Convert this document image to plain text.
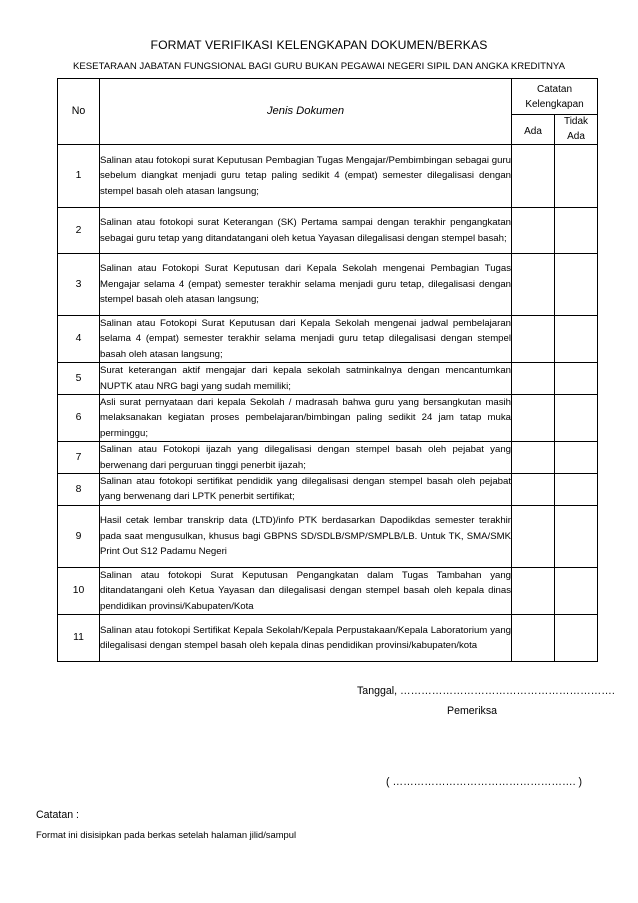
FORMAT VERIFIKASI KELENGKAPAN DOKUMEN/BERKAS
KESETARAAN JABATAN FUNGSIONAL BAGI GURU BUKAN PEGAWAI NEGERI SIPIL DAN ANGKA KREDITNYA
No	Jenis Dokumen	Catatan
Kelengkapan	

		Ada	Tidak
Ada

1	Salinan atau fotokopi surat Keputusan Pembagian Tugas Mengajar/Pembimbingan sebagai guru sebelum diangkat menjadi guru tetap paling sedikit 4 (empat) semester dilegalisasi dengan stempel basah oleh atasan langsung;		
2	Salinan atau fotokopi surat Keterangan (SK) Pertama sampai dengan terakhir pengangkatan sebagai guru tetap yang ditandatangani oleh ketua Yayasan dilegalisasi dengan stempel basah;		
3	Salinan atau Fotokopi Surat Keputusan dari Kepala Sekolah mengenai Pembagian Tugas Mengajar selama 4 (empat) semester terakhir selama menjadi guru tetap, dilegalisasi dengan stempel basah oleh atasan langsung;		
4	Salinan atau Fotokopi Surat Keputusan dari Kepala Sekolah mengenai jadwal pembelajaran selama 4 (empat) semester terakhir selama menjadi guru tetap dilegalisasi dengan stempel basah oleh atasan langsung;		
5	Surat keterangan aktif mengajar dari kepala sekolah satminkalnya dengan mencantumkan NUPTK atau NRG bagi yang sudah memiliki;		
6	Asli surat pernyataan dari kepala Sekolah / madrasah bahwa guru yang bersangkutan masih melaksanakan kegiatan proses pembelajaran/bimbingan paling sedikit 24 jam tatap muka perminggu;		
7	Salinan atau Fotokopi ijazah yang dilegalisasi dengan stempel basah oleh pejabat yang berwenang dari perguruan tinggi penerbit ijazah;		
8	Salinan atau fotokopi sertifikat pendidik yang dilegalisasi dengan stempel basah oleh pejabat yang berwenang dari LPTK penerbit sertifikat;		
9	Hasil cetak lembar transkrip data (LTD)/info PTK berdasarkan Dapodikdas semester terakhir pada saat mengusulkan, khusus bagi GBPNS SD/SDLB/SMP/SMPLB/LB. Untuk TK, SMA/SMK Print Out S12 Padamu Negeri		
10	Salinan atau fotokopi Surat Keputusan Pengangkatan dalam Tugas Tambahan yang ditandatangani oleh Ketua Yayasan dan dilegalisasi dengan stempel basah oleh kepala dinas pendidikan provinsi/Kabupaten/Kota		
11	Salinan atau fotokopi Sertifikat Kepala Sekolah/Kepala Perpustakaan/Kepala Laboratorium yang dilegalisasi dengan stempel basah oleh kepala dinas pendidikan provinsi/kabupaten/kota		
Tanggal, …………………………………………………….
Pemeriksa
( ……………………………………………. )
Catatan :
Format ini disisipkan pada berkas setelah halaman jilid/sampul
